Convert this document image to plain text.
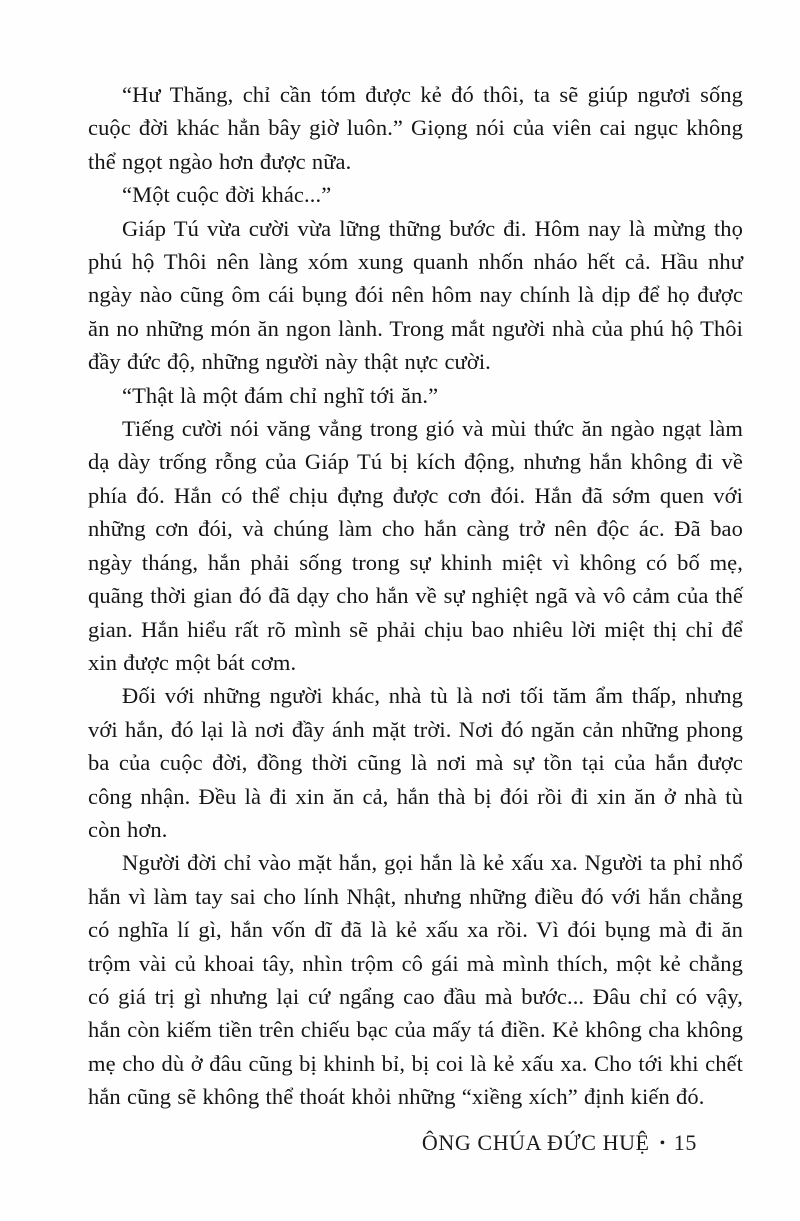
“Hư Thăng, chỉ cần tóm được kẻ đó thôi, ta sẽ giúp ngươi sống cuộc đời khác hẳn bây giờ luôn.” Giọng nói của viên cai ngục không thể ngọt ngào hơn được nữa.

“Một cuộc đời khác...”

Giáp Tú vừa cười vừa lững thững bước đi. Hôm nay là mừng thọ phú hộ Thôi nên làng xóm xung quanh nhốn nháo hết cả. Hầu như ngày nào cũng ôm cái bụng đói nên hôm nay chính là dịp để họ được ăn no những món ăn ngon lành. Trong mắt người nhà của phú hộ Thôi đầy đức độ, những người này thật nực cười.

“Thật là một đám chỉ nghĩ tới ăn.”

Tiếng cười nói văng vẳng trong gió và mùi thức ăn ngào ngạt làm dạ dày trống rỗng của Giáp Tú bị kích động, nhưng hắn không đi về phía đó. Hắn có thể chịu đựng được cơn đói. Hắn đã sớm quen với những cơn đói, và chúng làm cho hắn càng trở nên độc ác. Đã bao ngày tháng, hắn phải sống trong sự khinh miệt vì không có bố mẹ, quãng thời gian đó đã dạy cho hắn về sự nghiệt ngã và vô cảm của thế gian. Hắn hiểu rất rõ mình sẽ phải chịu bao nhiêu lời miệt thị chỉ để xin được một bát cơm.

Đối với những người khác, nhà tù là nơi tối tăm ẩm thấp, nhưng với hắn, đó lại là nơi đầy ánh mặt trời. Nơi đó ngăn cản những phong ba của cuộc đời, đồng thời cũng là nơi mà sự tồn tại của hắn được công nhận. Đều là đi xin ăn cả, hắn thà bị đói rồi đi xin ăn ở nhà tù còn hơn.

Người đời chỉ vào mặt hắn, gọi hắn là kẻ xấu xa. Người ta phỉ nhổ hắn vì làm tay sai cho lính Nhật, nhưng những điều đó với hắn chẳng có nghĩa lí gì, hắn vốn dĩ đã là kẻ xấu xa rồi. Vì đói bụng mà đi ăn trộm vài củ khoai tây, nhìn trộm cô gái mà mình thích, một kẻ chẳng có giá trị gì nhưng lại cứ ngẩng cao đầu mà bước... Đâu chỉ có vậy, hắn còn kiếm tiền trên chiếu bạc của mấy tá điền. Kẻ không cha không mẹ cho dù ở đâu cũng bị khinh bỉ, bị coi là kẻ xấu xa. Cho tới khi chết hắn cũng sẽ không thể thoát khỏi những “xiềng xích” định kiến đó.

ÔNG CHÚA ĐỨC HUỆ • 15
